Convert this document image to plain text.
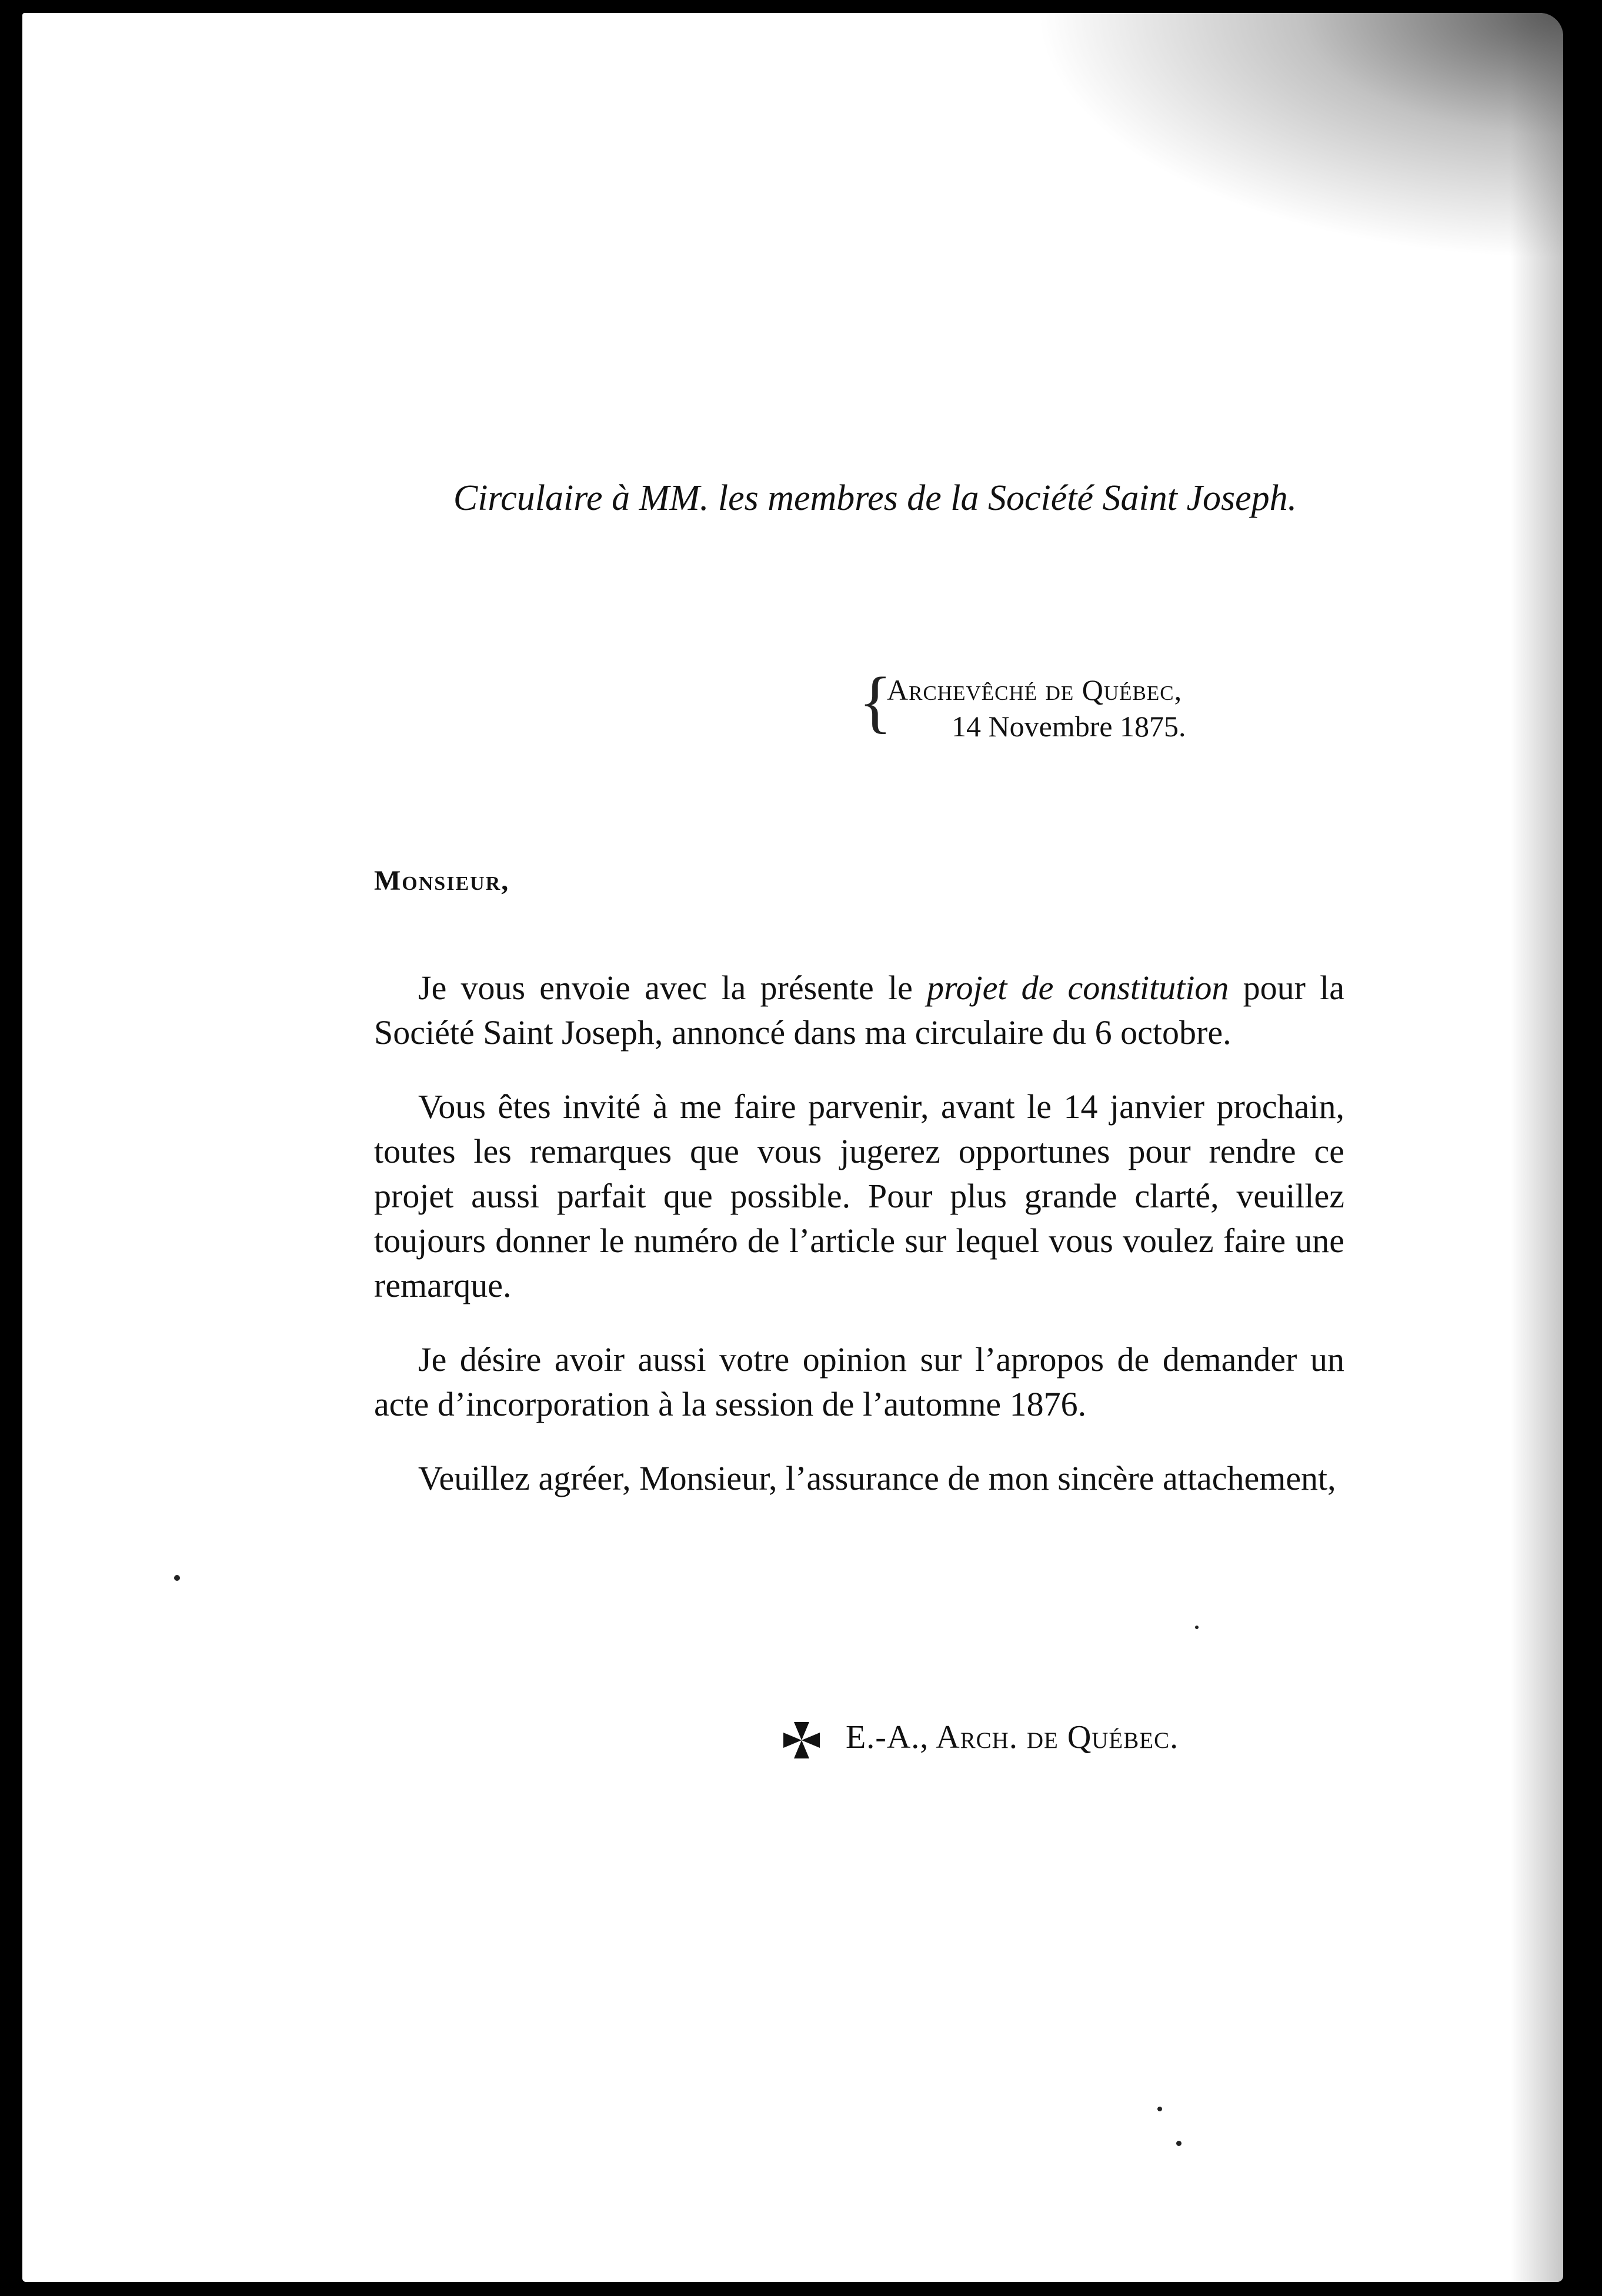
Circulaire à MM. les membres de la Société Saint Joseph.
{
Archevêché de Québec,
14 Novembre 1875.
Monsieur,

Je vous envoie avec la présente le projet de constitution pour la Société Saint Joseph, annoncé dans ma circulaire du 6 octobre.

Vous êtes invité à me faire parvenir, avant le 14 janvier prochain, toutes les remarques que vous jugerez opportunes pour rendre ce projet aussi parfait que possible. Pour plus grande clarté, veuillez toujours donner le numéro de l’article sur lequel vous voulez faire une remarque.

Je désire avoir aussi votre opinion sur l’apropos de demander un acte d’incorporation à la session de l’automne 1876.

Veuillez agréer, Monsieur, l’assurance de mon sincère attachement,

E.-A., Arch. de Québec.
